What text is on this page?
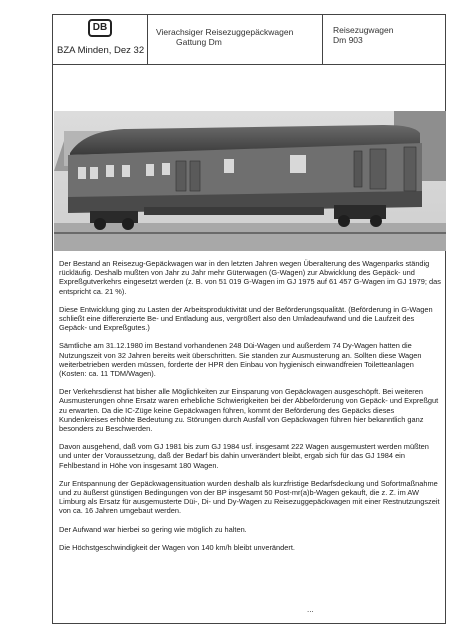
DB
BZA Minden, Dez 32
Vierachsiger Reisezuggepäckwagen
Gattung Dm
Reisezugwagen
Dm 903

Der Bestand an Reisezug-Gepäckwagen war in den letzten Jahren wegen Überalterung des Wagenparks ständig rückläufig. Deshalb mußten von Jahr zu Jahr mehr Güterwagen (G-Wagen) zur Abwicklung des Gepäck- und Expreßgutverkehrs eingesetzt werden (z. B. von 51 019 G-Wagen im GJ 1975 auf 61 457 G-Wagen im GJ 1979; das entspricht ca. 21 %).

Diese Entwicklung ging zu Lasten der Arbeitsproduktivität und der Beförderungsqualität. (Beförderung in G-Wagen schließt eine differenzierte Be- und Entladung aus, vergrößert also den Umladeaufwand und die Laufzeit des Gepäck- und Expreßgutes.)

Sämtliche am 31.12.1980 im Bestand vorhandenen 248 Düi-Wagen und außerdem 74 Dy-Wagen hatten die Nutzungszeit von 32 Jahren bereits weit überschritten. Sie standen zur Ausmusterung an. Sollten diese Wagen weiterbetrieben werden müssen, forderte der HPR den Einbau von hygienisch einwandfreien Toiletteanlagen (Kosten: ca. 11 TDM/Wagen).

Der Verkehrsdienst hat bisher alle Möglichkeiten zur Einsparung von Gepäckwagen ausgeschöpft. Bei weiteren Ausmusterungen ohne Ersatz waren erhebliche Schwierigkeiten bei der Abbeförderung von Gepäck- und Expreßgut zu erwarten. Da die IC-Züge keine Gepäckwagen führen, kommt der Beförderung des Gepäcks dieses Kundenkreises erhöhte Bedeutung zu. Störungen durch Ausfall von Gepäckwagen führen hier bekanntlich ganz besonders zu Beschwerden.

Davon ausgehend, daß vom GJ 1981 bis zum GJ 1984 usf. insgesamt 222 Wagen ausgemustert werden müßten und unter der Voraussetzung, daß der Bedarf bis dahin unverändert bleibt, ergab sich für das GJ 1984 ein Fehlbestand in Höhe von insgesamt 180 Wagen.

Zur Entspannung der Gepäckwagensituation wurden deshalb als kurzfristige Bedarfsdeckung und Sofortmaßnahme und zu äußerst günstigen Bedingungen von der BP insgesamt 50 Post-mr(a)b-Wagen gekauft, die z. Z. im AW Limburg als Ersatz für ausgemusterte Düi-, Di- und Dy-Wagen zu Reisezuggepäckwagen mit einer Restnutzungszeit von ca. 16 Jahren umgebaut werden.

Der Aufwand war hierbei so gering wie möglich zu halten.

Die Höchstgeschwindigkeit der Wagen von 140 km/h bleibt unverändert.

...
